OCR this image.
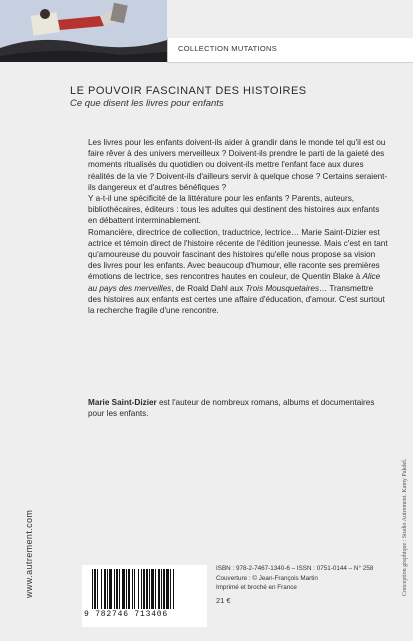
COLLECTION MUTATIONS
LE POUVOIR FASCINANT DES HISTOIRES
Ce que disent les livres pour enfants

Les livres pour les enfants doivent-ils aider à grandir dans le monde tel qu'il est ou faire rêver à des univers merveilleux ? Doivent-ils prendre le parti de la gaieté des moments ritualisés du quotidien ou doivent-ils mettre l'enfant face aux dures réalités de la vie ? Doivent-ils d'ailleurs servir à quelque chose ? Certains seraient-ils dangereux et d'autres bénéfiques ?

Y a-t-il une spécificité de la littérature pour les enfants ? Parents, auteurs, bibliothécaires, éditeurs : tous les adultes qui destinent des histoires aux enfants en débattent interminablement.

Romancière, directrice de collection, traductrice, lectrice… Marie Saint-Dizier est actrice et témoin direct de l'histoire récente de l'édition jeunesse. Mais c'est en tant qu'amoureuse du pouvoir fascinant des histoires qu'elle nous propose sa vision des livres pour les enfants. Avec beaucoup d'humour, elle raconte ses premières émotions de lectrice, ses rencontres hautes en couleur, de Quentin Blake à Alice au pays des merveilles, de Roald Dahl aux Trois Mousquetaires… Transmettre des histoires aux enfants est certes une affaire d'éducation, d'amour. C'est surtout la recherche fragile d'une rencontre.

Marie Saint-Dizier est l'auteur de nombreux romans, albums et documentaires pour les enfants.
www.autrement.com	Conception graphique : Studio Autrement. Kamy Pakdel.
9 782746 713406
ISBN : 978-2-7467-1340-6 – ISSN : 0751-0144 – N° 258
Couverture : © Jean-François Martin
Imprimé et broché en France
21 €
